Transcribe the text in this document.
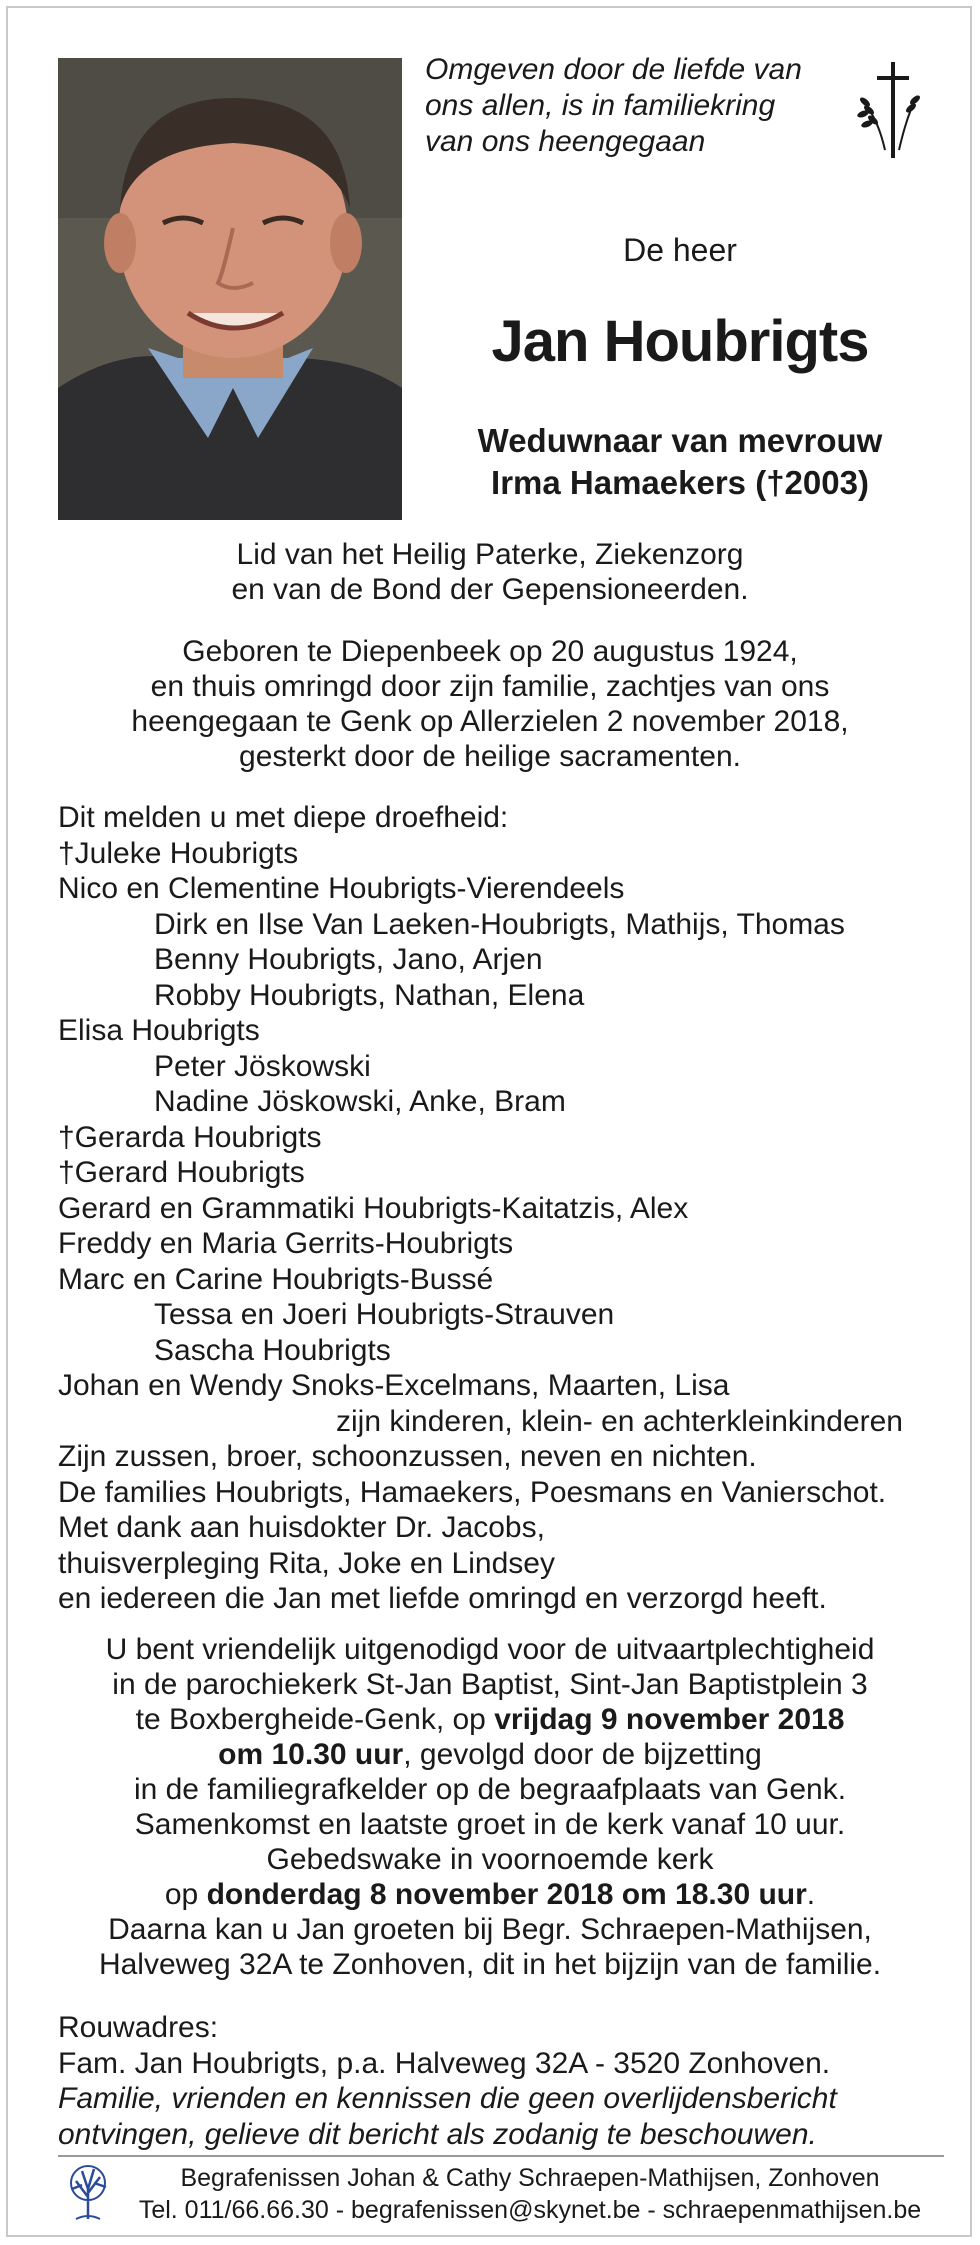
Omgeven door de liefde van
ons allen, is in familiekring
van ons heengegaan
De heer
Jan Houbrigts
Weduwnaar van mevrouw
Irma Hamaekers (†2003)
Lid van het Heilig Paterke, Ziekenzorg
en van de Bond der Gepensioneerden.
Geboren te Diepenbeek op 20 augustus 1924,
en thuis omringd door zijn familie, zachtjes van ons
heengegaan te Genk op Allerzielen 2 november 2018,
gesterkt door de heilige sacramenten.
Dit melden u met diepe droefheid:
†Juleke Houbrigts
Nico en Clementine Houbrigts-Vierendeels
Dirk en Ilse Van Laeken-Houbrigts, Mathijs, Thomas
Benny Houbrigts, Jano, Arjen
Robby Houbrigts, Nathan, Elena
Elisa Houbrigts
Peter Jöskowski
Nadine Jöskowski, Anke, Bram
†Gerarda Houbrigts
†Gerard Houbrigts
Gerard en Grammatiki Houbrigts-Kaitatzis, Alex
Freddy en Maria Gerrits-Houbrigts
Marc en Carine Houbrigts-Bussé
Tessa en Joeri Houbrigts-Strauven
Sascha Houbrigts
Johan en Wendy Snoks-Excelmans, Maarten, Lisa
zijn kinderen, klein- en achterkleinkinderen
Zijn zussen, broer, schoonzussen, neven en nichten.
De families Houbrigts, Hamaekers, Poesmans en Vanierschot.
Met dank aan huisdokter Dr. Jacobs,
thuisverpleging Rita, Joke en Lindsey
en iedereen die Jan met liefde omringd en verzorgd heeft.
U bent vriendelijk uitgenodigd voor de uitvaartplechtigheid
in de parochiekerk St-Jan Baptist, Sint-Jan Baptistplein 3
te Boxbergheide-Genk, op vrijdag 9 november 2018
om 10.30 uur, gevolgd door de bijzetting
in de familiegrafkelder op de begraafplaats van Genk.
Samenkomst en laatste groet in de kerk vanaf 10 uur.
Gebedswake in voornoemde kerk
op donderdag 8 november 2018 om 18.30 uur.
Daarna kan u Jan groeten bij Begr. Schraepen-Mathijsen,
Halveweg 32A te Zonhoven, dit in het bijzijn van de familie.
Rouwadres:
Fam. Jan Houbrigts, p.a. Halveweg 32A - 3520 Zonhoven.
Familie, vrienden en kennissen die geen overlijdensbericht
ontvingen, gelieve dit bericht als zodanig te beschouwen.
Begrafenissen Johan & Cathy Schraepen-Mathijsen, Zonhoven
Tel. 011/66.66.30 - begrafenissen@skynet.be - schraepenmathijsen.be
